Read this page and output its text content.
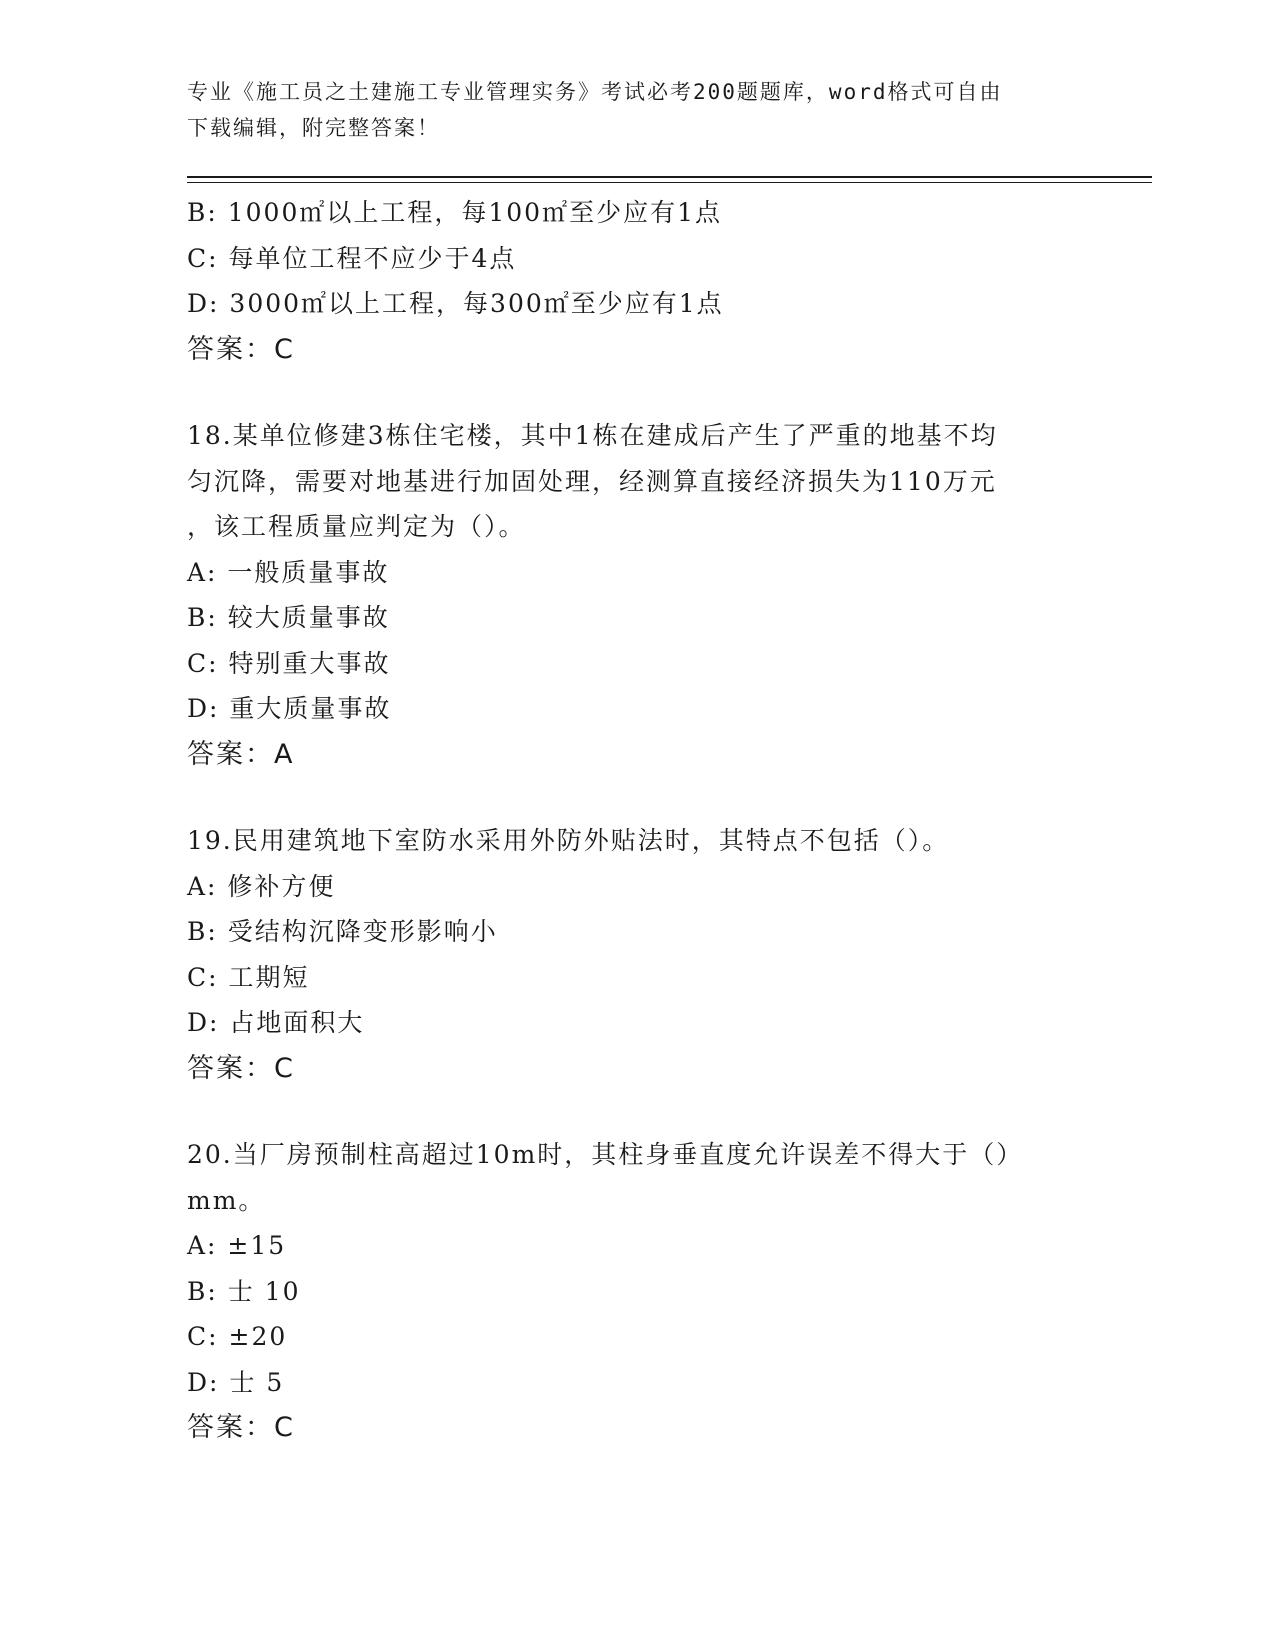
专业《施工员之土建施工专业管理实务》考试必考200题题库，word格式可自由
下载编辑，附完整答案！
B: 1000㎡以上工程，每100㎡至少应有1点
C: 每单位工程不应少于4点
D: 3000㎡以上工程，每300㎡至少应有1点
答案：C
18.某单位修建3栋住宅楼，其中1栋在建成后产生了严重的地基不均
匀沉降，需要对地基进行加固处理，经测算直接经济损失为110万元
，该工程质量应判定为（）。
A: 一般质量事故
B: 较大质量事故
C: 特别重大事故
D: 重大质量事故
答案：A
19.民用建筑地下室防水采用外防外贴法时，其特点不包括（）。
A: 修补方便
B: 受结构沉降变形影响小
C: 工期短
D: 占地面积大
答案：C
20.当厂房预制柱高超过10m时，其柱身垂直度允许误差不得大于（）
mm。
A: ±15
B: 士 10
C: ±20
D: 士 5
答案：C
